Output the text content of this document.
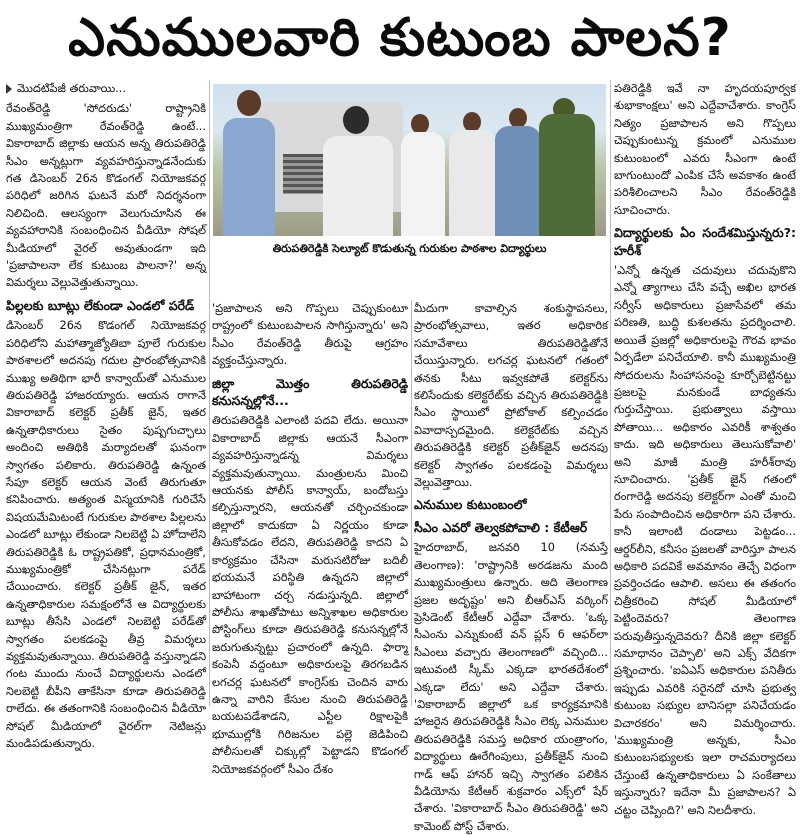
ఎనుములవారి కుటుంబ పాలన?

మొదటిపేజీ తరువాయి...

రేవంత్‌రెడ్డి 'సోదరుడు' రాష్ట్రానికి ముఖ్యమంత్రిగా రేవంత్‌రెడ్డి ఉంటే... వికారాబాద్ జిల్లాకు ఆయన అన్న తిరుపతిరెడ్డి సీఎం అన్నట్లుగా వ్యవహరిస్తున్నాడనేందుకు గత డిసెంబర్ 26న కొడంగల్ నియోజకవర్గ పరిధిలో జరిగిన ఘటనే మరో నిదర్శనంగా నిలిచింది. ఆలస్యంగా వెలుగుచూసిన ఈ వ్యవహారానికి సంబంధించిన వీడియో సోషల్ మీడియాలో వైరల్ అవుతుండగా ఇది 'ప్రజాపాలనా లేక కుటుంబ పాలనా?' అన్న విమర్శలు వెల్లువెత్తుతున్నాయి.

పిల్లలకు బూట్లు లేకుండా ఎండలో పరేడ్

డిసెంబర్ 26న కొడంగల్ నియోజకవర్గ పరిధిలోని మహాత్మాజ్యోతిబా పూలే గురుకుల పాఠశాలలో అదనపు గదుల ప్రారంభోత్సవానికి ముఖ్య అతిథిగా భారీ కాన్వాయ్‌తో ఎనుముల తిరుపతిరెడ్డి హాజరయ్యారు. ఆయన రాగానే వికారాబాద్ కలెక్టర్ ప్రతీక్ జైన్, ఇతర ఉన్నతాధికారులు సైతం పుష్పగుచ్ఛాలు అందించి అతిథికి మర్యాదలతో ఘనంగా స్వాగతం పలికారు. తిరుపతిరెడ్డి ఉన్నంత సేపూ కలెక్టర్ ఆయన వెంటే తిరుగుతూ కనిపించారు. అత్యంత విస్మయానికి గురిచేసే విషయమేమిటంటే గురుకుల పాఠశాల పిల్లలను ఎండలో బూట్లు లేకుండా నిలబెట్టి ఏ హోదాలేని తిరుపతిరెడ్డికి ఓ రాష్ట్రపతికో, ప్రధానమంత్రికో, ముఖ్యమంత్రికో చేసినట్లుగా పరేడ్ చేయించారు. కలెక్టర్ ప్రతీక్ జైన్, ఇతర ఉన్నతాధికారుల సమక్షంలోనే ఆ విద్యార్థులకు బూట్లు తీసేసి ఎండలో నిలబెట్టి పరేడ్‌తో స్వాగతం పలకడంపై తీవ్ర విమర్శలు వ్యక్తమవుతున్నాయి. తిరుపతిరెడ్డి వస్తున్నాడని గంట ముందు నుంచే విద్యార్థులను ఎండలో నిలబెట్టి బీపీని తాకేసినా కూడా తిరుపతిరెడ్డి రాలేదు. ఈ తతంగానికి సంబంధించిన వీడియో సోషల్ మీడియాలో వైరల్‌గా నెటిజన్లు మండిపడుతున్నారు.

తిరుపతిరెడ్డికి సెల్యూట్ కొడుతున్న గురుకుల పాఠశాల విద్యార్థులు

'ప్రజాపాలన అని గొప్పలు చెప్పుకుంటూ రాష్ట్రంలో కుటుంబపాలన సాగిస్తున్నారు' అని సీఎం రేవంత్‌రెడ్డి తీరుపై ఆగ్రహం వ్యక్తంచేస్తున్నారు.

జిల్లా మొత్తం తిరుపతిరెడ్డి కనుసన్నల్లోనే...

తిరుపతిరెడ్డికి ఎలాంటి పదవి లేదు. అయినా వికారాబాద్ జిల్లాకు ఆయనే సీఎంగా వ్యవహరిస్తున్నాడన్న విమర్శలు వ్యక్తమవుతున్నాయి. మంత్రులను మించి ఆయనకు పోలీస్ కాన్వాయ్, బందోబస్తు కల్పిస్తున్నారని, ఆయనతో చర్చించకుండా జిల్లాలో కాదుకదా ఏ నిర్ణయం కూడా తీసుకోవడం లేదని, తిరుపతిరెడ్డి కాదని ఏ కార్యక్రమం చేసినా మరుసటిరోజు బదిలీ భయమనే పరిస్థితి ఉన్నదని జిల్లాలో బాహాటంగా చర్చ నడుస్తున్నది. జిల్లాలో పోలీసు శాఖతోపాటు అన్నిశాఖల అధికారుల పోస్టింగ్‌లు కూడా తిరుపతిరెడ్డి కనుసన్నల్లోనే జరుగుతున్నట్టు ప్రచారంలో ఉన్నది. ఫార్మా కంపెనీ వద్దంటూ అధికారులపై తిరగబడిన లగచర్ల ఘటనలో కాంగ్రెస్‌కు చెందిన వారు ఉన్నా వారిని కేసుల నుంచి తిరుపతిరెడ్డి బయటపడేశాడని, ఎస్టీల రిక్షాలపైకి భూముల్లోకి గిరిజనుల పల్లె జెడిపించి పోలీసులతో చిక్కుల్లో పెట్టాడని కొడంగల్ నియోజకవర్గంలో సీఎం దేశం

మీదుగా కావాల్సిన శంకుస్థాపనలు, ప్రారంభోత్సవాలు, ఇతర అధికారిక సమావేశాలు తిరుపతిరెడ్డితోనే చేయిస్తున్నారు. లగచర్ల ఘటనలో గతంలో తనకు సీటు ఇవ్వకపోతే కలెక్టర్‌ను కలిసేందుకు కలెక్టరేట్‌కు వచ్చిన తిరుపతిరెడ్డికి సీఎం స్థాయిలో ప్రోటోకాల్ కల్పించడం వివాదాస్పదమైంది. కలెక్టరేట్‌కు వచ్చిన తిరుపతిరెడ్డికి కలెక్టర్ ప్రతీక్‌జైన్ అదనపు కలెక్టర్ స్వాగతం పలకడంపై విమర్శలు వెల్లువెత్తాయి.

ఎనుముల కుటుంబంలో

సీఎం ఎవరో తెల్వకపోవాలి : కేటీఆర్

హైదరాబాద్, జనవరి 10 (నమస్తే తెలంగాణ): 'రాష్ట్రానికి అరడజను మంది ముఖ్యమంత్రులు ఉన్నారు. అది తెలంగాణ ప్రజల అదృష్టం' అని బీఆర్ఎస్ వర్కింగ్ ప్రెసిడెంట్ కేటీఆర్ ఎద్దేవా చేశారు. 'ఒక్క సీఎంను ఎన్నుకుంటే వన్ ప్లస్ 6 ఆఫర్‌లా సీఎంలు వచ్చారు తెలంగాణలో' వచ్చింది... ఇటువంటి స్కీమ్ ఎక్కడా భారతదేశంలో ఎక్కడా లేదు' అని ఎద్దేవా చేశారు. 'వికారాబాద్ జిల్లాలో ఒక కార్యక్రమానికి హాజరైన తిరుపతిరెడ్డికి సీఎం లెక్క ఎనుముల తిరుపతిరెడ్డికి సమస్త అధికార యంత్రాంగం, విద్యార్థులు ఊరేగింపులు, ప్రతీక్‌జైన్ నుంచి గాడ్ ఆఫ్ హానర్ ఇచ్చి స్వాగతం పలికిన వీడియోను కేటీఆర్ శుక్రవారం ఎక్స్‌లో షేర్ చేశారు. 'వికారాబాద్ సీఎం తిరుపతిరెడ్డి' అని కామెంట్ పోస్ట్ చేశారు.

పతిరెడ్డికి ఇవే నా హృదయపూర్వక శుభాకాంక్షలు' అని ఎద్దేవాచేశారు. కాంగ్రెస్ నిత్యం ప్రజాపాలన అని గొప్పలు చెప్పుకుంటున్న క్రమంలో ఎనుముల కుటుంబంలో ఎవరు సీఎంగా ఉంటే బాగుంటుందో ఎంపిక చేసే అవకాశం ఉంటే పరిశీలించాలని సీఎం రేవంత్‌రెడ్డికి సూచించారు.

విద్యార్థులకు ఏం సందేశమిస్తున్నరు?: హరీశ్

'ఎన్నో ఉన్నత చదువులు చదువుకొని ఎన్నో త్యాగాలు చేసి వచ్చే అఖిల భారత సర్వీస్ అధికారులు ప్రజాసేవలో తమ పరిణతి, బుద్ధి కుశలతను ప్రదర్శించాలి. అయితే ప్రజల్లో అధికారులపై గౌరవ భావం ఏర్పడేలా పనిచేయాలి. కానీ ముఖ్యమంత్రి సోదరులను సింహాసనంపై కూర్చోబెట్టినట్టు ప్రజలపై మనకుండే బాధ్యతను గుర్తుచేస్తాయి. ప్రభుత్వాలు వస్తాయి పోతాయి... అధికారం ఎవరికీ శాశ్వతం కాదు. ఇది అధికారులు తెలుసుకోవాలి' అని మాజీ మంత్రి హరీశ్‌రావు సూచించారు. 'ప్రతీక్ జైన్ గతంలో రంగారెడ్డి అదనపు కలెక్టర్‌గా ఎంతో మంచి పేరు సంపాదించిన అధికారిగా పని చేశారు. కానీ ఇలాంటి దండాలు పెట్టడం... ఆర్డర్‌లీని, కనీసం ప్రజలతో వారిస్తూ పాలన అధికారి పదవికే అవమానం తెచ్చే విధంగా ప్రవర్తించడం ఆపాలి. అసలు ఈ తతంగం చిత్రీకరించి సోషల్ మీడియాలో పెట్టిందెవరు? తెలంగాణ పరువుతీస్తున్నదెవరు? దీనికి జిల్లా కలెక్టర్ సమాధానం చెప్పాలి' అని ఎక్స్ వేదికగా ప్రశ్నించారు. 'ఐఏఎస్ అధికారుల పనితీరు ఇప్పుడు ఎవరికి సరైనదో చూసి ప్రభుత్వ కుటుంబ సభ్యుల బానిసల్లా పనిచేయడం విచారకరం' అని విమర్శించారు. 'ముఖ్యమంత్రి అన్నకు, సీఎం కుటుంబసభ్యులకు ఇలా రాచమర్యాదలు చేస్తుంటే ఉన్నతాధికారులు ఏ సంకేతాలు ఇస్తున్నారు? ఇదేనా మీ ప్రజాపాలన? ఏ చట్టం చెప్పింది?' అని నిలదీశారు.
